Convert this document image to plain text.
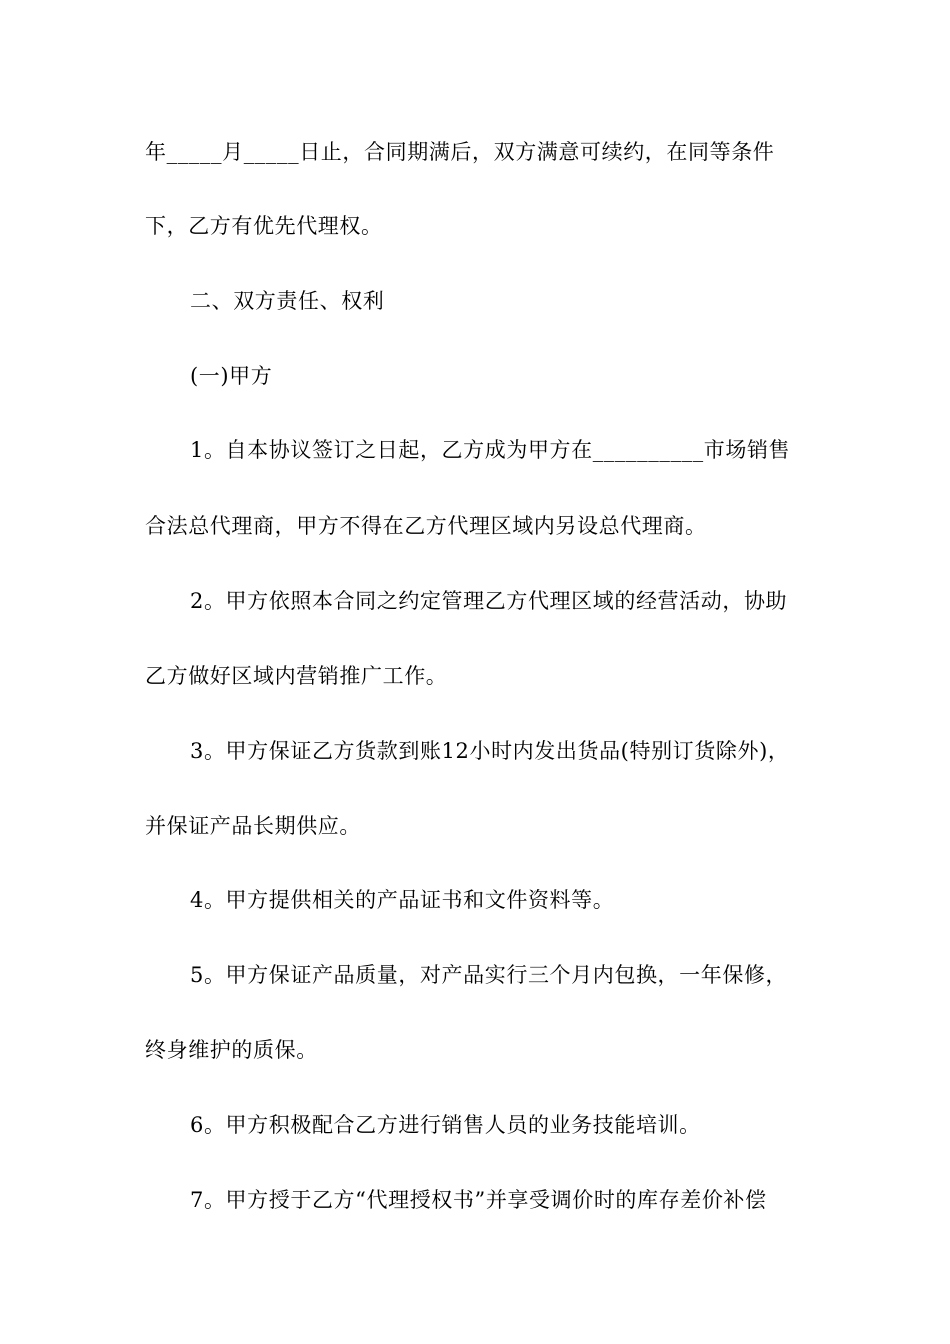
年_____月_____日止，合同期满后，双方满意可续约，在同等条件
下，乙方有优先代理权。
二、双方责任、权利
(一)甲方
1。自本协议签订之日起，乙方成为甲方在__________市场销售
合法总代理商，甲方不得在乙方代理区域内另设总代理商。
2。甲方依照本合同之约定管理乙方代理区域的经营活动，协助
乙方做好区域内营销推广工作。
3。甲方保证乙方货款到账12小时内发出货品(特别订货除外)，
并保证产品长期供应。
4。甲方提供相关的产品证书和文件资料等。
5。甲方保证产品质量，对产品实行三个月内包换，一年保修，
终身维护的质保。
6。甲方积极配合乙方进行销售人员的业务技能培训。
7。甲方授于乙方“代理授权书”并享受调价时的库存差价补偿
